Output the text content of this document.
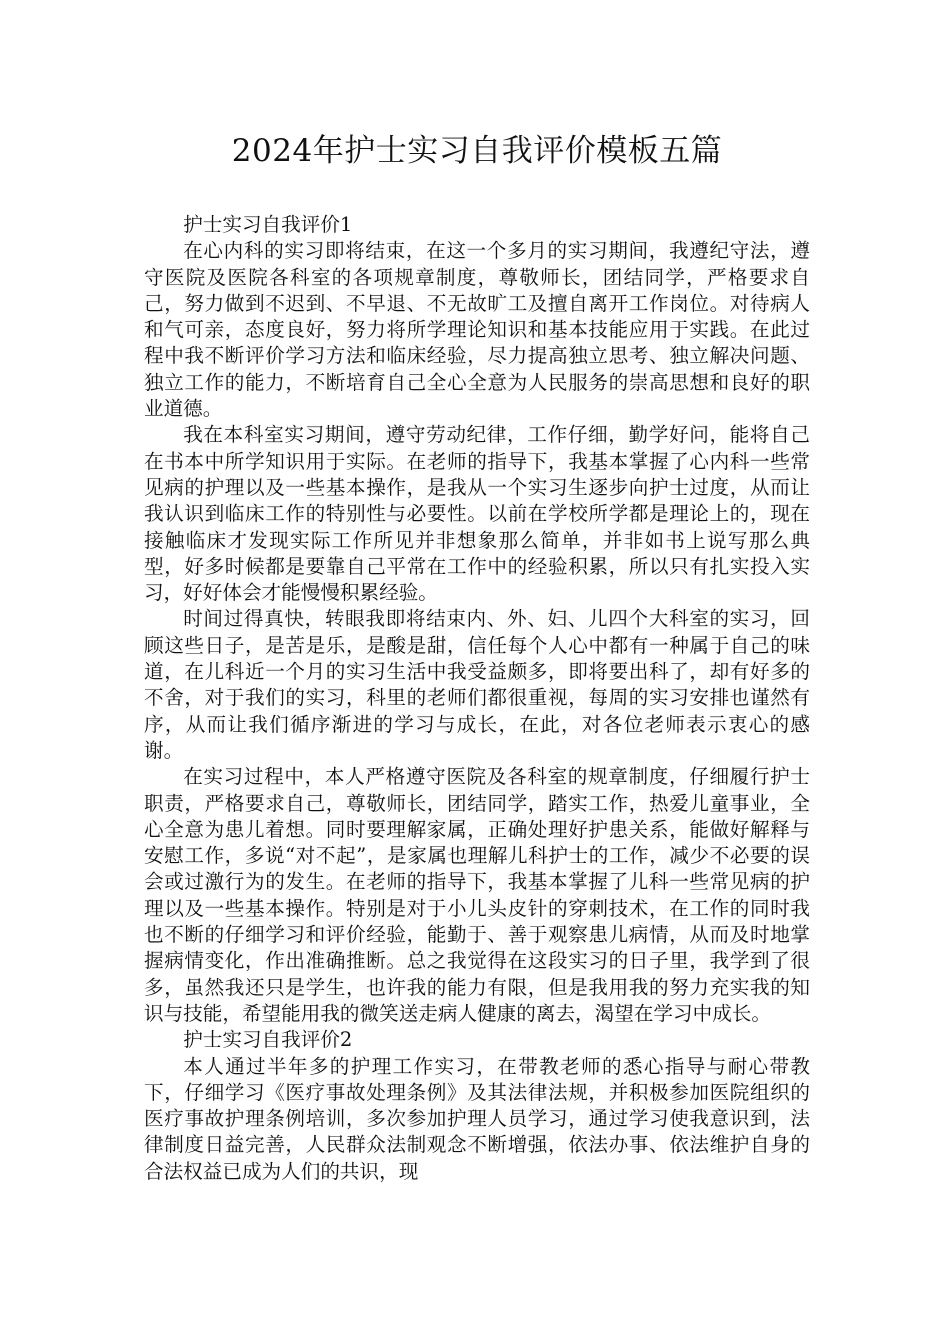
2024年护士实习自我评价模板五篇

护士实习自我评价1

在心内科的实习即将结束，在这一个多月的实习期间，我遵纪守法，遵守医院及医院各科室的各项规章制度，尊敬师长，团结同学，严格要求自己，努力做到不迟到、不早退、不无故旷工及擅自离开工作岗位。对待病人和气可亲，态度良好，努力将所学理论知识和基本技能应用于实践。在此过程中我不断评价学习方法和临床经验，尽力提高独立思考、独立解决问题、独立工作的能力，不断培育自己全心全意为人民服务的崇高思想和良好的职业道德。

我在本科室实习期间，遵守劳动纪律，工作仔细，勤学好问，能将自己在书本中所学知识用于实际。在老师的指导下，我基本掌握了心内科一些常见病的护理以及一些基本操作，是我从一个实习生逐步向护士过度，从而让我认识到临床工作的特别性与必要性。以前在学校所学都是理论上的，现在接触临床才发现实际工作所见并非想象那么简单，并非如书上说写那么典型，好多时候都是要靠自己平常在工作中的经验积累，所以只有扎实投入实习，好好体会才能慢慢积累经验。

时间过得真快，转眼我即将结束内、外、妇、儿四个大科室的实习，回顾这些日子，是苦是乐，是酸是甜，信任每个人心中都有一种属于自己的味道，在儿科近一个月的实习生活中我受益颇多，即将要出科了，却有好多的不舍，对于我们的实习，科里的老师们都很重视，每周的实习安排也谨然有序，从而让我们循序渐进的学习与成长，在此，对各位老师表示衷心的感谢。

在实习过程中，本人严格遵守医院及各科室的规章制度，仔细履行护士职责，严格要求自己，尊敬师长，团结同学，踏实工作，热爱儿童事业，全心全意为患儿着想。同时要理解家属，正确处理好护患关系，能做好解释与安慰工作，多说“对不起”，是家属也理解儿科护士的工作，减少不必要的误会或过激行为的发生。在老师的指导下，我基本掌握了儿科一些常见病的护理以及一些基本操作。特别是对于小儿头皮针的穿刺技术，在工作的同时我也不断的仔细学习和评价经验，能勤于、善于观察患儿病情，从而及时地掌握病情变化，作出准确推断。总之我觉得在这段实习的日子里，我学到了很多，虽然我还只是学生，也许我的能力有限，但是我用我的努力充实我的知识与技能，希望能用我的微笑送走病人健康的离去，渴望在学习中成长。

护士实习自我评价2

本人通过半年多的护理工作实习，在带教老师的悉心指导与耐心带教下，仔细学习《医疗事故处理条例》及其法律法规，并积极参加医院组织的医疗事故护理条例培训，多次参加护理人员学习，通过学习使我意识到，法律制度日益完善，人民群众法制观念不断增强，依法办事、依法维护自身的合法权益已成为人们的共识，现
